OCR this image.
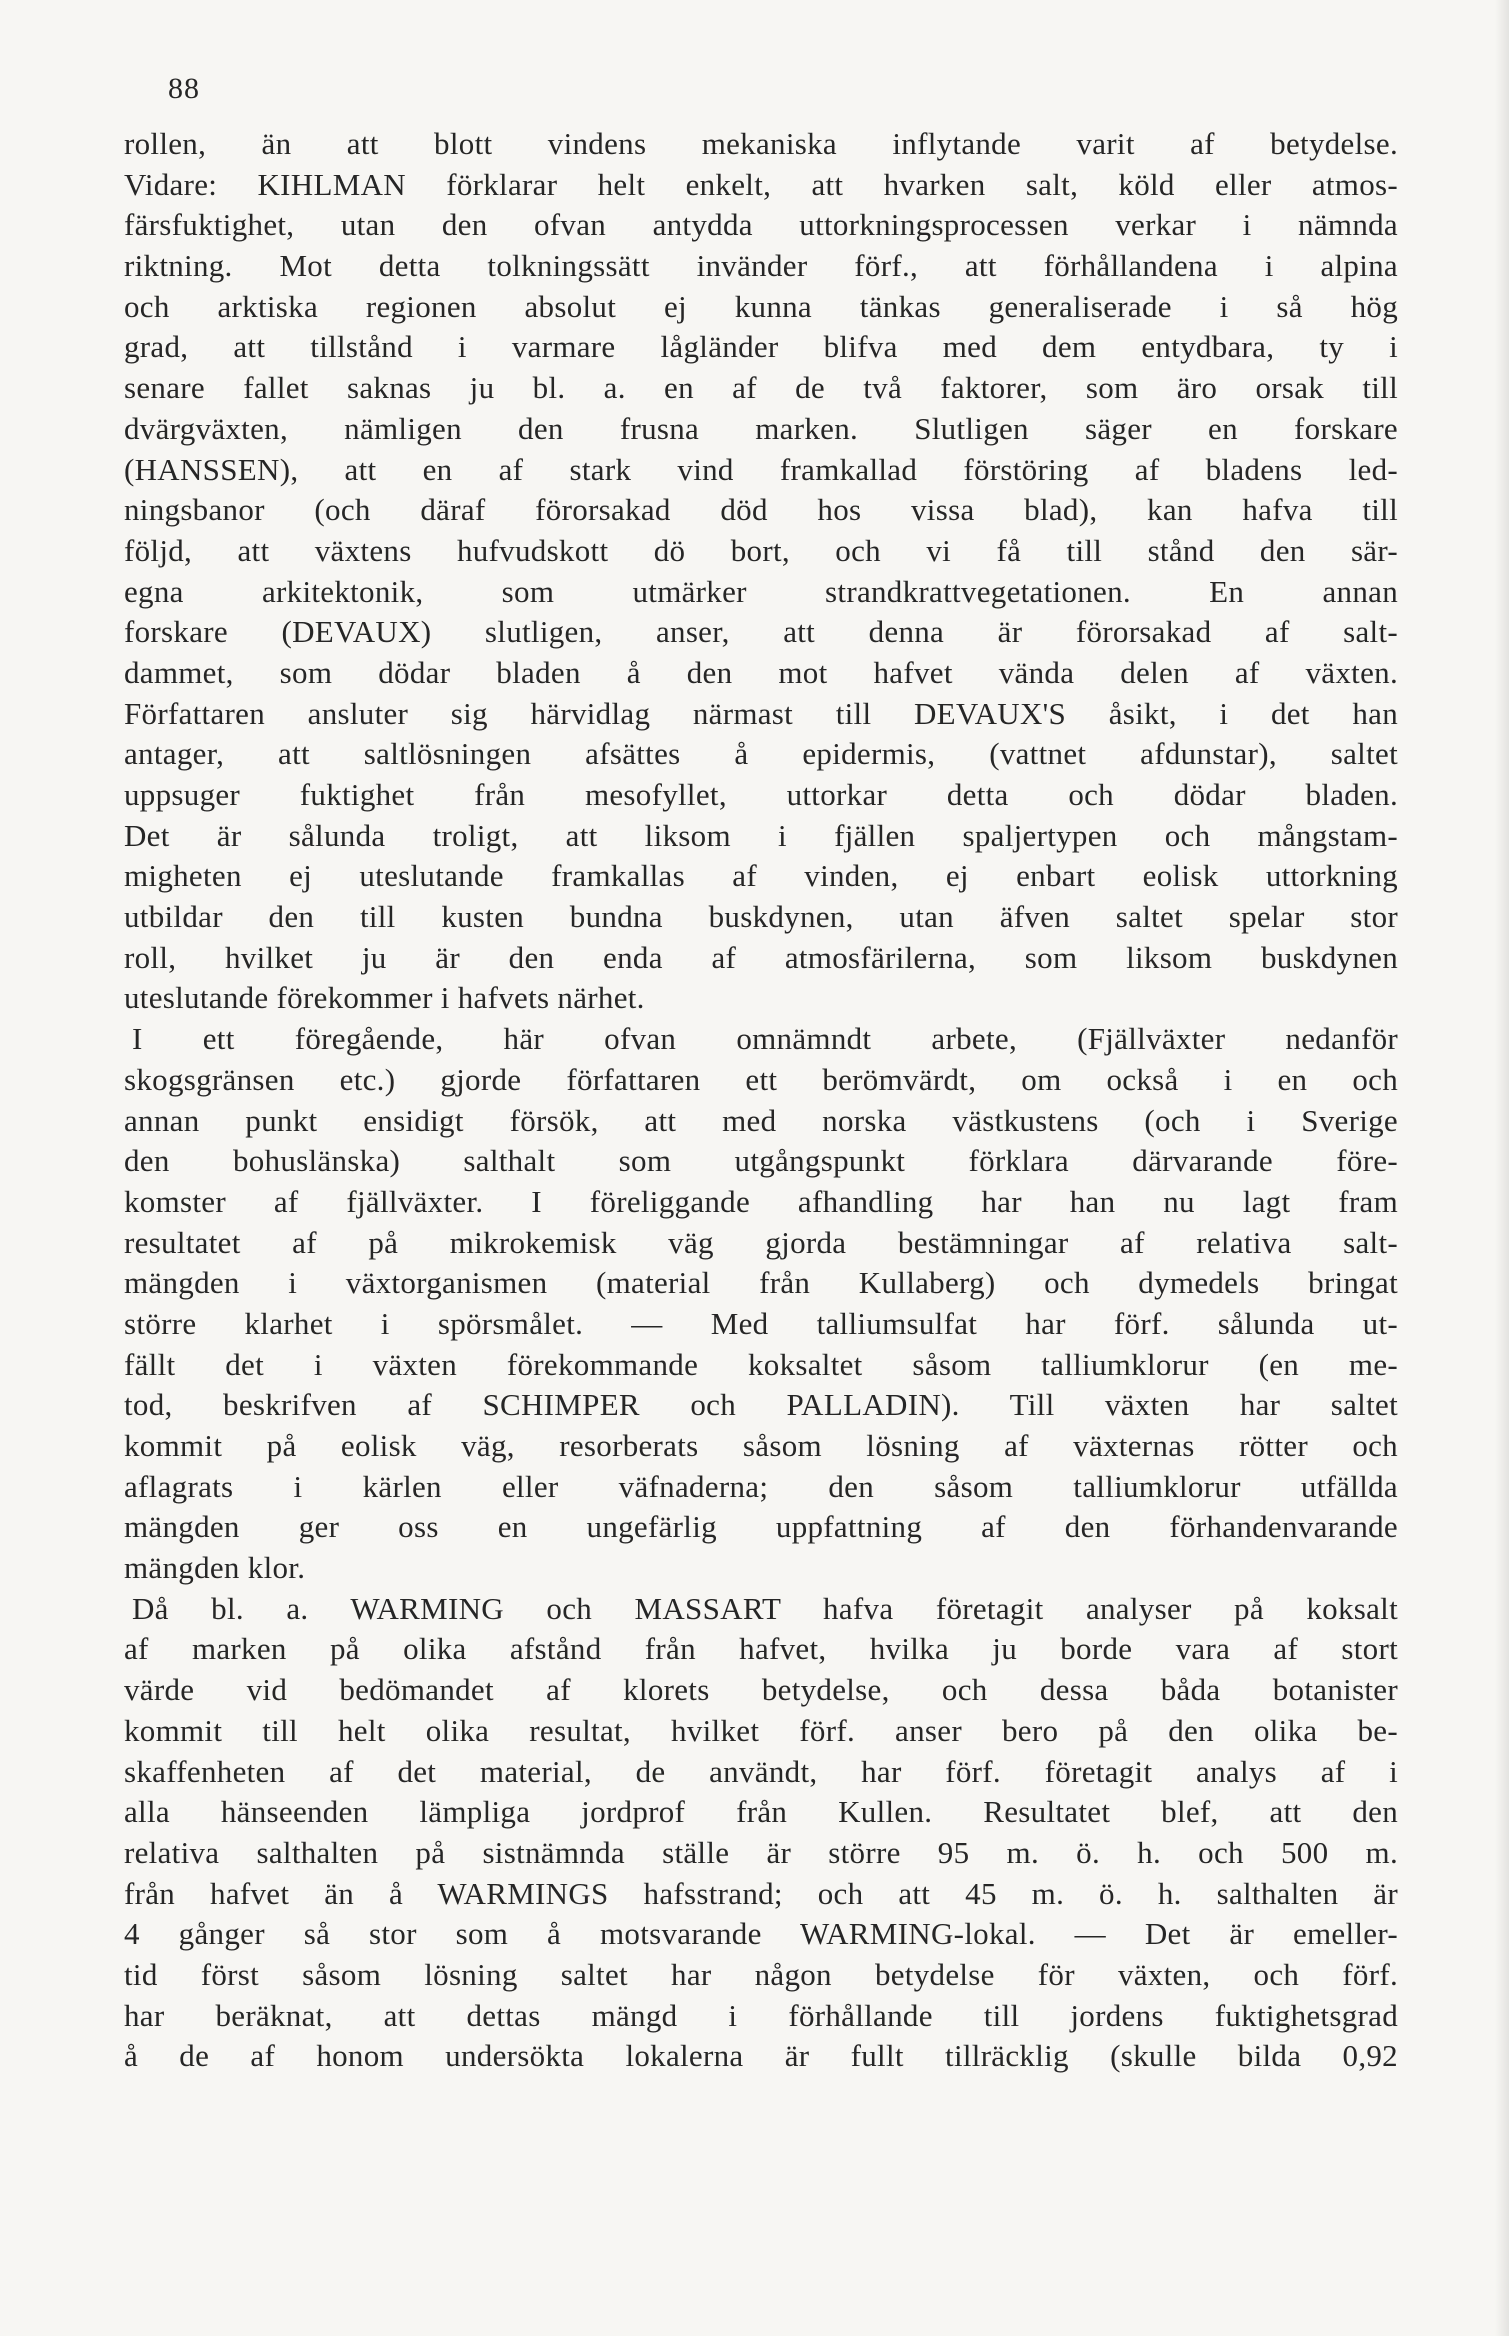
88
rollen, än att blott vindens mekaniska inflytande varit af betydelse.
Vidare: KIHLMAN förklarar helt enkelt, att hvarken salt, köld eller atmos-
färsfuktighet, utan den ofvan antydda uttorkningsprocessen verkar i nämnda
riktning. Mot detta tolkningssätt invänder förf., att förhållandena i alpina
och arktiska regionen absolut ej kunna tänkas generaliserade i så hög
grad, att tillstånd i varmare lågländer blifva med dem entydbara, ty i
senare fallet saknas ju bl. a. en af de två faktorer, som äro orsak till
dvärgväxten, nämligen den frusna marken. Slutligen säger en forskare
(HANSSEN), att en af stark vind framkallad förstöring af bladens led-
ningsbanor (och däraf förorsakad död hos vissa blad), kan hafva till
följd, att växtens hufvudskott dö bort, och vi få till stånd den sär-
egna arkitektonik, som utmärker strandkrattvegetationen. En annan
forskare (DEVAUX) slutligen, anser, att denna är förorsakad af salt-
dammet, som dödar bladen å den mot hafvet vända delen af växten.
Författaren ansluter sig härvidlag närmast till DEVAUX'S åsikt, i det han
antager, att saltlösningen afsättes å epidermis, (vattnet afdunstar), saltet
uppsuger fuktighet från mesofyllet, uttorkar detta och dödar bladen.
Det är sålunda troligt, att liksom i fjällen spaljertypen och mångstam-
migheten ej uteslutande framkallas af vinden, ej enbart eolisk uttorkning
utbildar den till kusten bundna buskdynen, utan äfven saltet spelar stor
roll, hvilket ju är den enda af atmosfärilerna, som liksom buskdynen
uteslutande förekommer i hafvets närhet.
I ett föregående, här ofvan omnämndt arbete, (Fjällväxter nedanför
skogsgränsen etc.) gjorde författaren ett berömvärdt, om också i en och
annan punkt ensidigt försök, att med norska västkustens (och i Sverige
den bohuslänska) salthalt som utgångspunkt förklara därvarande före-
komster af fjällväxter. I föreliggande afhandling har han nu lagt fram
resultatet af på mikrokemisk väg gjorda bestämningar af relativa salt-
mängden i växtorganismen (material från Kullaberg) och dymedels bringat
större klarhet i spörsmålet. — Med talliumsulfat har förf. sålunda ut-
fällt det i växten förekommande koksaltet såsom talliumklorur (en me-
tod, beskrifven af SCHIMPER och PALLADIN). Till växten har saltet
kommit på eolisk väg, resorberats såsom lösning af växternas rötter och
aflagrats i kärlen eller väfnaderna; den såsom talliumklorur utfällda
mängden ger oss en ungefärlig uppfattning af den förhandenvarande
mängden klor.
Då bl. a. WARMING och MASSART hafva företagit analyser på koksalt
af marken på olika afstånd från hafvet, hvilka ju borde vara af stort
värde vid bedömandet af klorets betydelse, och dessa båda botanister
kommit till helt olika resultat, hvilket förf. anser bero på den olika be-
skaffenheten af det material, de användt, har förf. företagit analys af i
alla hänseenden lämpliga jordprof från Kullen. Resultatet blef, att den
relativa salthalten på sistnämnda ställe är större 95 m. ö. h. och 500 m.
från hafvet än å WARMINGS hafsstrand; och att 45 m. ö. h. salthalten är
4 gånger så stor som å motsvarande WARMING-lokal. — Det är emeller-
tid först såsom lösning saltet har någon betydelse för växten, och förf.
har beräknat, att dettas mängd i förhållande till jordens fuktighetsgrad
å de af honom undersökta lokalerna är fullt tillräcklig (skulle bilda 0,92
